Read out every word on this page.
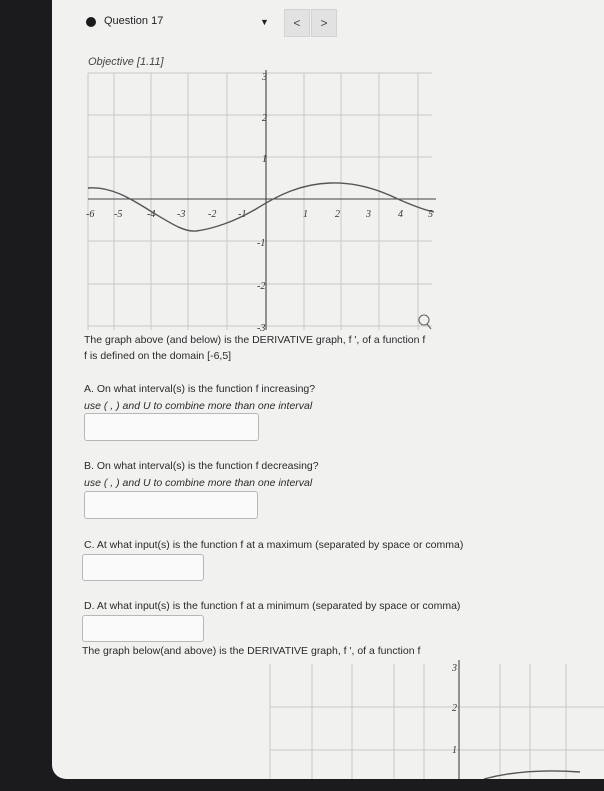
Question 17	▼	<	>
Objective [1.11]
-6 -5 -4 -3 -2 -1	1	2	3	4	5
3
2
1
-1
-2
-3
3
2
1
The graph above (and below) is the DERIVATIVE graph, f ', of a function f
f is defined on the domain [-6,5]
A. On what interval(s) is the function f increasing?
use ( , ) and U to combine more than one interval
B. On what interval(s) is the function f decreasing?
use ( , ) and U to combine more than one interval
C. At what input(s) is the function f at a maximum (separated by space or comma)
D. At what input(s) is the function f at a minimum (separated by space or comma)
The graph below(and above) is the DERIVATIVE graph, f ', of a function f
